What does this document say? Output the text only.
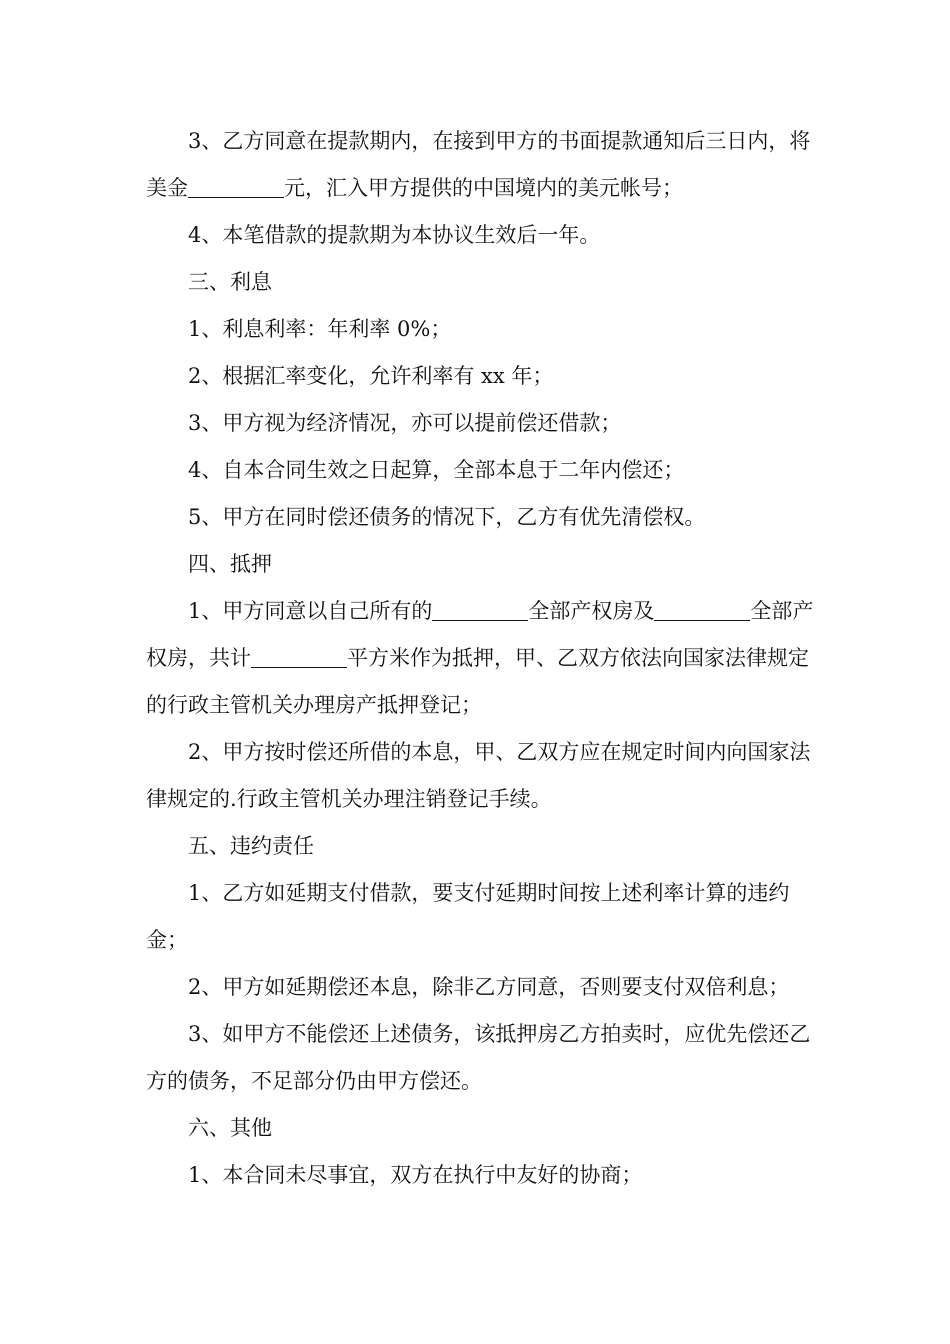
3、乙方同意在提款期内，在接到甲方的书面提款通知后三日内，将美金	元，汇入甲方提供的中国境内的美元帐号；

4、本笔借款的提款期为本协议生效后一年。

三、利息

1、利息利率：年利率 0%；

2、根据汇率变化，允许利率有 xx 年；

3、甲方视为经济情况，亦可以提前偿还借款；

4、自本合同生效之日起算，全部本息于二年内偿还；

5、甲方在同时偿还债务的情况下，乙方有优先清偿权。

四、抵押

1、甲方同意以自己所有的	全部产权房及	全部产权房，共计	平方米作为抵押，甲、乙双方依法向国家法律规定的行政主管机关办理房产抵押登记；

2、甲方按时偿还所借的本息，甲、乙双方应在规定时间内向国家法律规定的.行政主管机关办理注销登记手续。

五、违约责任

1、乙方如延期支付借款，要支付延期时间按上述利率计算的违约金；

2、甲方如延期偿还本息，除非乙方同意，否则要支付双倍利息；

3、如甲方不能偿还上述债务，该抵押房乙方拍卖时，应优先偿还乙方的债务，不足部分仍由甲方偿还。

六、其他

1、本合同未尽事宜，双方在执行中友好的协商；
